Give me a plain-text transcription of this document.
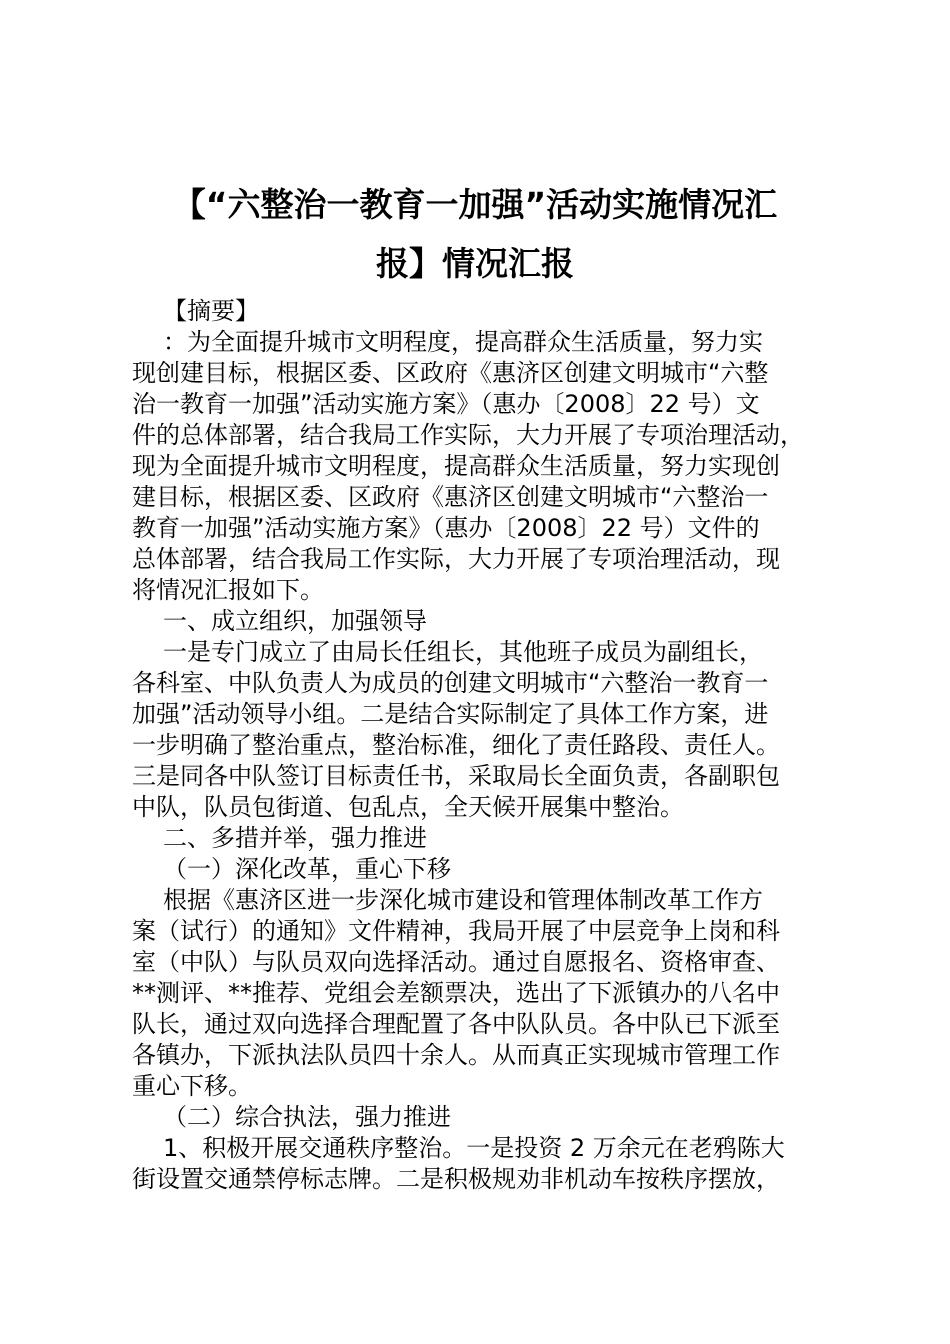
【“六整治一教育一加强”活动实施情况汇
报】情况汇报
【摘要】
：为全面提升城市文明程度，提高群众生活质量，努力实
现创建目标，根据区委、区政府《惠济区创建文明城市“六整
治一教育一加强”活动实施方案》（惠办〔2008〕22 号）文
件的总体部署，结合我局工作实际，大力开展了专项治理活动，
现为全面提升城市文明程度，提高群众生活质量，努力实现创
建目标，根据区委、区政府《惠济区创建文明城市“六整治一
教育一加强”活动实施方案》（惠办〔2008〕22 号）文件的
总体部署，结合我局工作实际，大力开展了专项治理活动，现
将情况汇报如下。
一、成立组织，加强领导
一是专门成立了由局长任组长，其他班子成员为副组长，
各科室、中队负责人为成员的创建文明城市“六整治一教育一
加强”活动领导小组。二是结合实际制定了具体工作方案，进
一步明确了整治重点，整治标准，细化了责任路段、责任人。
三是同各中队签订目标责任书，采取局长全面负责，各副职包
中队，队员包街道、包乱点，全天候开展集中整治。
二、多措并举，强力推进
（一）深化改革，重心下移
根据《惠济区进一步深化城市建设和管理体制改革工作方
案（试行）的通知》文件精神，我局开展了中层竞争上岗和科
室（中队）与队员双向选择活动。通过自愿报名、资格审查、
**测评、**推荐、党组会差额票决，选出了下派镇办的八名中
队长，通过双向选择合理配置了各中队队员。各中队已下派至
各镇办，下派执法队员四十余人。从而真正实现城市管理工作
重心下移。
（二）综合执法，强力推进
1、积极开展交通秩序整治。一是投资 2 万余元在老鸦陈大
街设置交通禁停标志牌。二是积极规劝非机动车按秩序摆放，
